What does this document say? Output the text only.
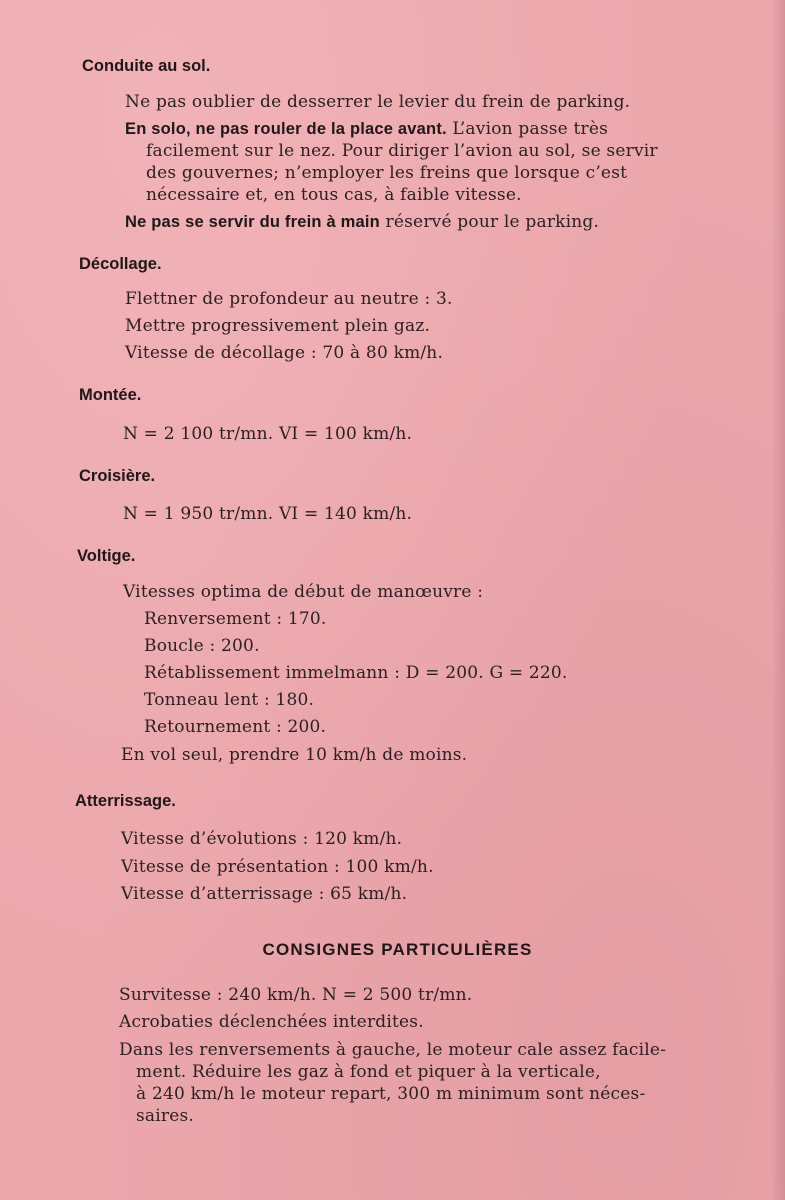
Conduite au sol.
Ne pas oublier de desserrer le levier du frein de parking.
En solo, ne pas rouler de la place avant. L’avion passe très
facilement sur le nez. Pour diriger l’avion au sol, se servir
des gouvernes; n’employer les freins que lorsque c’est
nécessaire et, en tous cas, à faible vitesse.
Ne pas se servir du frein à main réservé pour le parking.
Décollage.
Flettner de profondeur au neutre : 3.
Mettre progressivement plein gaz.
Vitesse de décollage : 70 à 80 km/h.
Montée.
N = 2 100 tr/mn. VI = 100 km/h.
Croisière.
N = 1 950 tr/mn. VI = 140 km/h.
Voltige.
Vitesses optima de début de manœuvre :
Renversement : 170.
Boucle : 200.
Rétablissement immelmann : D = 200. G = 220.
Tonneau lent : 180.
Retournement : 200.
En vol seul, prendre 10 km/h de moins.
Atterrissage.
Vitesse d’évolutions : 120 km/h.
Vitesse de présentation : 100 km/h.
Vitesse d’atterrissage : 65 km/h.
CONSIGNES PARTICULIÈRES
Survitesse : 240 km/h. N = 2 500 tr/mn.
Acrobaties déclenchées interdites.
Dans les renversements à gauche, le moteur cale assez facile-
ment. Réduire les gaz à fond et piquer à la verticale,
à 240 km/h le moteur repart, 300 m minimum sont néces-
saires.
